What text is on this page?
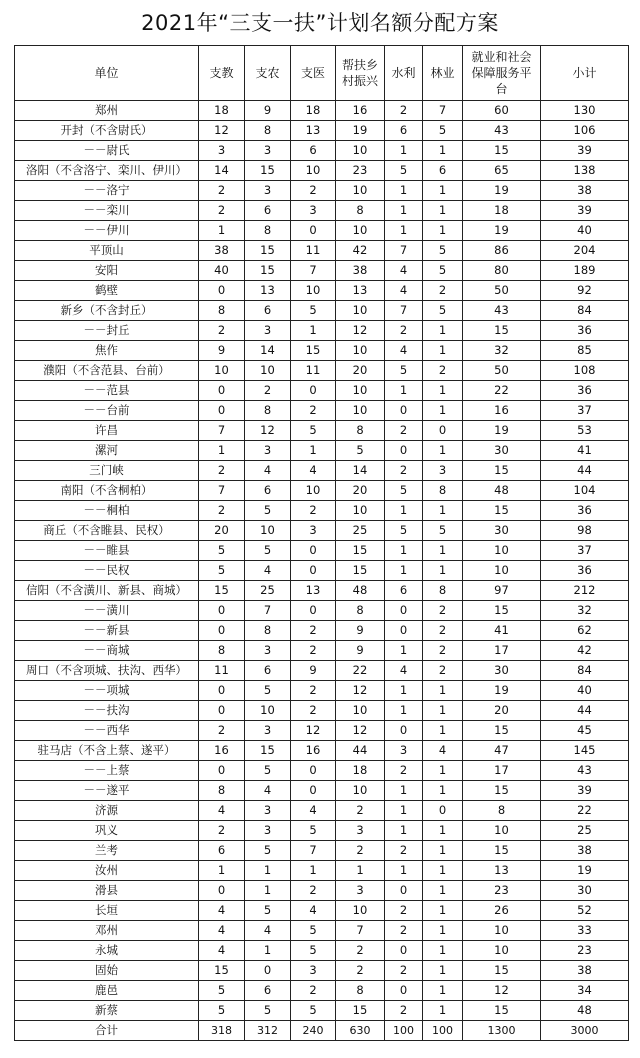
2021年“三支一扶”计划名额分配方案
单位	支教	支农	支医	帮扶乡村振兴	水利	林业	就业和社会保障服务平台	小计
郑州	18	9	18	16	2	7	60	130
开封（不含尉氏）	12	8	13	19	6	5	43	106
－－尉氏	3	3	6	10	1	1	15	39
洛阳（不含洛宁、栾川、伊川）	14	15	10	23	5	6	65	138
－－洛宁	2	3	2	10	1	1	19	38
－－栾川	2	6	3	8	1	1	18	39
－－伊川	1	8	0	10	1	1	19	40
平顶山	38	15	11	42	7	5	86	204
安阳	40	15	7	38	4	5	80	189
鹤壁	0	13	10	13	4	2	50	92
新乡（不含封丘）	8	6	5	10	7	5	43	84
－－封丘	2	3	1	12	2	1	15	36
焦作	9	14	15	10	4	1	32	85
濮阳（不含范县、台前）	10	10	11	20	5	2	50	108
－－范县	0	2	0	10	1	1	22	36
－－台前	0	8	2	10	0	1	16	37
许昌	7	12	5	8	2	0	19	53
漯河	1	3	1	5	0	1	30	41
三门峡	2	4	4	14	2	3	15	44
南阳（不含桐柏）	7	6	10	20	5	8	48	104
－－桐柏	2	5	2	10	1	1	15	36
商丘（不含睢县、民权）	20	10	3	25	5	5	30	98
－－睢县	5	5	0	15	1	1	10	37
－－民权	5	4	0	15	1	1	10	36
信阳（不含潢川、新县、商城）	15	25	13	48	6	8	97	212
－－潢川	0	7	0	8	0	2	15	32
－－新县	0	8	2	9	0	2	41	62
－－商城	8	3	2	9	1	2	17	42
周口（不含项城、扶沟、西华）	11	6	9	22	4	2	30	84
－－项城	0	5	2	12	1	1	19	40
－－扶沟	0	10	2	10	1	1	20	44
－－西华	2	3	12	12	0	1	15	45
驻马店（不含上蔡、遂平）	16	15	16	44	3	4	47	145
－－上蔡	0	5	0	18	2	1	17	43
－－遂平	8	4	0	10	1	1	15	39
济源	4	3	4	2	1	0	8	22
巩义	2	3	5	3	1	1	10	25
兰考	6	5	7	2	2	1	15	38
汝州	1	1	1	1	1	1	13	19
滑县	0	1	2	3	0	1	23	30
长垣	4	5	4	10	2	1	26	52
邓州	4	4	5	7	2	1	10	33
永城	4	1	5	2	0	1	10	23
固始	15	0	3	2	2	1	15	38
鹿邑	5	6	2	8	0	1	12	34
新蔡	5	5	5	15	2	1	15	48
合计	318	312	240	630	100	100	1300	3000
